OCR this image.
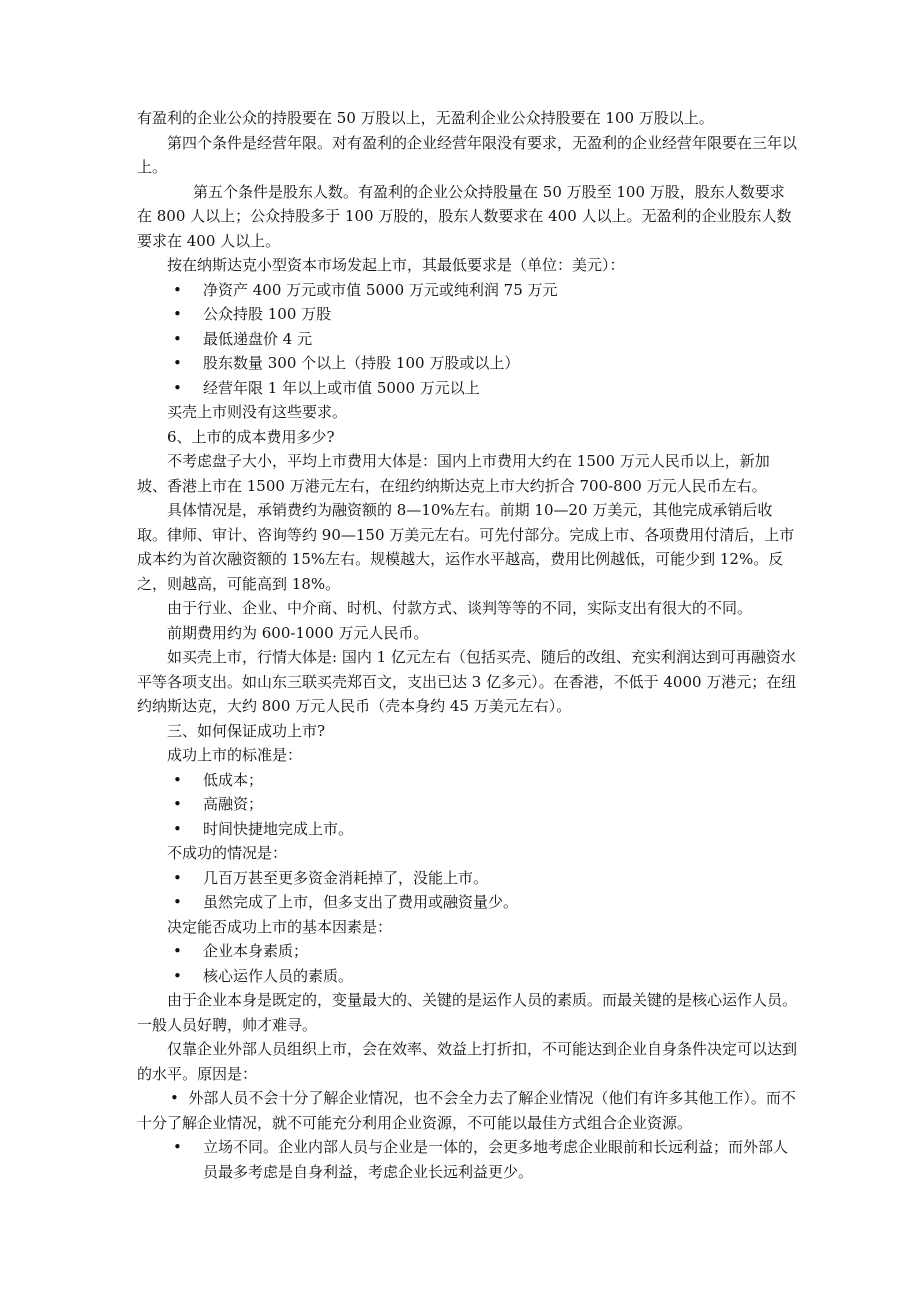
有盈利的企业公众的持股要在 50 万股以上，无盈利企业公众持股要在 100 万股以上。

第四个条件是经营年限。对有盈利的企业经营年限没有要求，无盈利的企业经营年限要在三年以上。

第五个条件是股东人数。有盈利的企业公众持股量在 50 万股至 100 万股，股东人数要求在 800 人以上；公众持股多于 100 万股的，股东人数要求在 400 人以上。无盈利的企业股东人数要求在 400 人以上。

按在纳斯达克小型资本市场发起上市，其最低要求是（单位：美元）：

• 净资产 400 万元或市值 5000 万元或纯利润 75 万元

• 公众持股 100 万股

• 最低递盘价 4 元

• 股东数量 300 个以上（持股 100 万股或以上）

• 经营年限 1 年以上或市值 5000 万元以上

买壳上市则没有这些要求。

6、上市的成本费用多少?

不考虑盘子大小，平均上市费用大体是：国内上市费用大约在 1500 万元人民币以上，新加坡、香港上市在 1500 万港元左右，在纽约纳斯达克上市大约折合 700-800 万元人民币左右。

具体情况是，承销费约为融资额的 8—10%左右。前期 10—20 万美元，其他完成承销后收取。律师、审计、咨询等约 90—150 万美元左右。可先付部分。完成上市、各项费用付清后，上市成本约为首次融资额的 15%左右。规模越大，运作水平越高，费用比例越低，可能少到 12%。反之，则越高，可能高到 18%。

由于行业、企业、中介商、时机、付款方式、谈判等等的不同，实际支出有很大的不同。

前期费用约为 600-1000 万元人民币。

如买壳上市，行情大体是: 国内 1 亿元左右（包括买壳、随后的改组、充实利润达到可再融资水平等各项支出。如山东三联买壳郑百文，支出已达 3 亿多元）。在香港，不低于 4000 万港元；在纽约纳斯达克，大约 800 万元人民币（壳本身约 45 万美元左右）。

三、如何保证成功上市?

成功上市的标准是：

• 低成本；

• 高融资；

• 时间快捷地完成上市。

不成功的情况是：

• 几百万甚至更多资金消耗掉了，没能上市。

• 虽然完成了上市，但多支出了费用或融资量少。

决定能否成功上市的基本因素是：

• 企业本身素质；

• 核心运作人员的素质。

由于企业本身是既定的，变量最大的、关键的是运作人员的素质。而最关键的是核心运作人员。一般人员好聘，帅才难寻。

仅靠企业外部人员组织上市，会在效率、效益上打折扣，不可能达到企业自身条件决定可以达到的水平。原因是：

• 外部人员不会十分了解企业情况，也不会全力去了解企业情况（他们有许多其他工作）。而不十分了解企业情况，就不可能充分利用企业资源，不可能以最佳方式组合企业资源。

• 立场不同。企业内部人员与企业是一体的，会更多地考虑企业眼前和长远利益；而外部人员最多考虑是自身利益，考虑企业长远利益更少。
